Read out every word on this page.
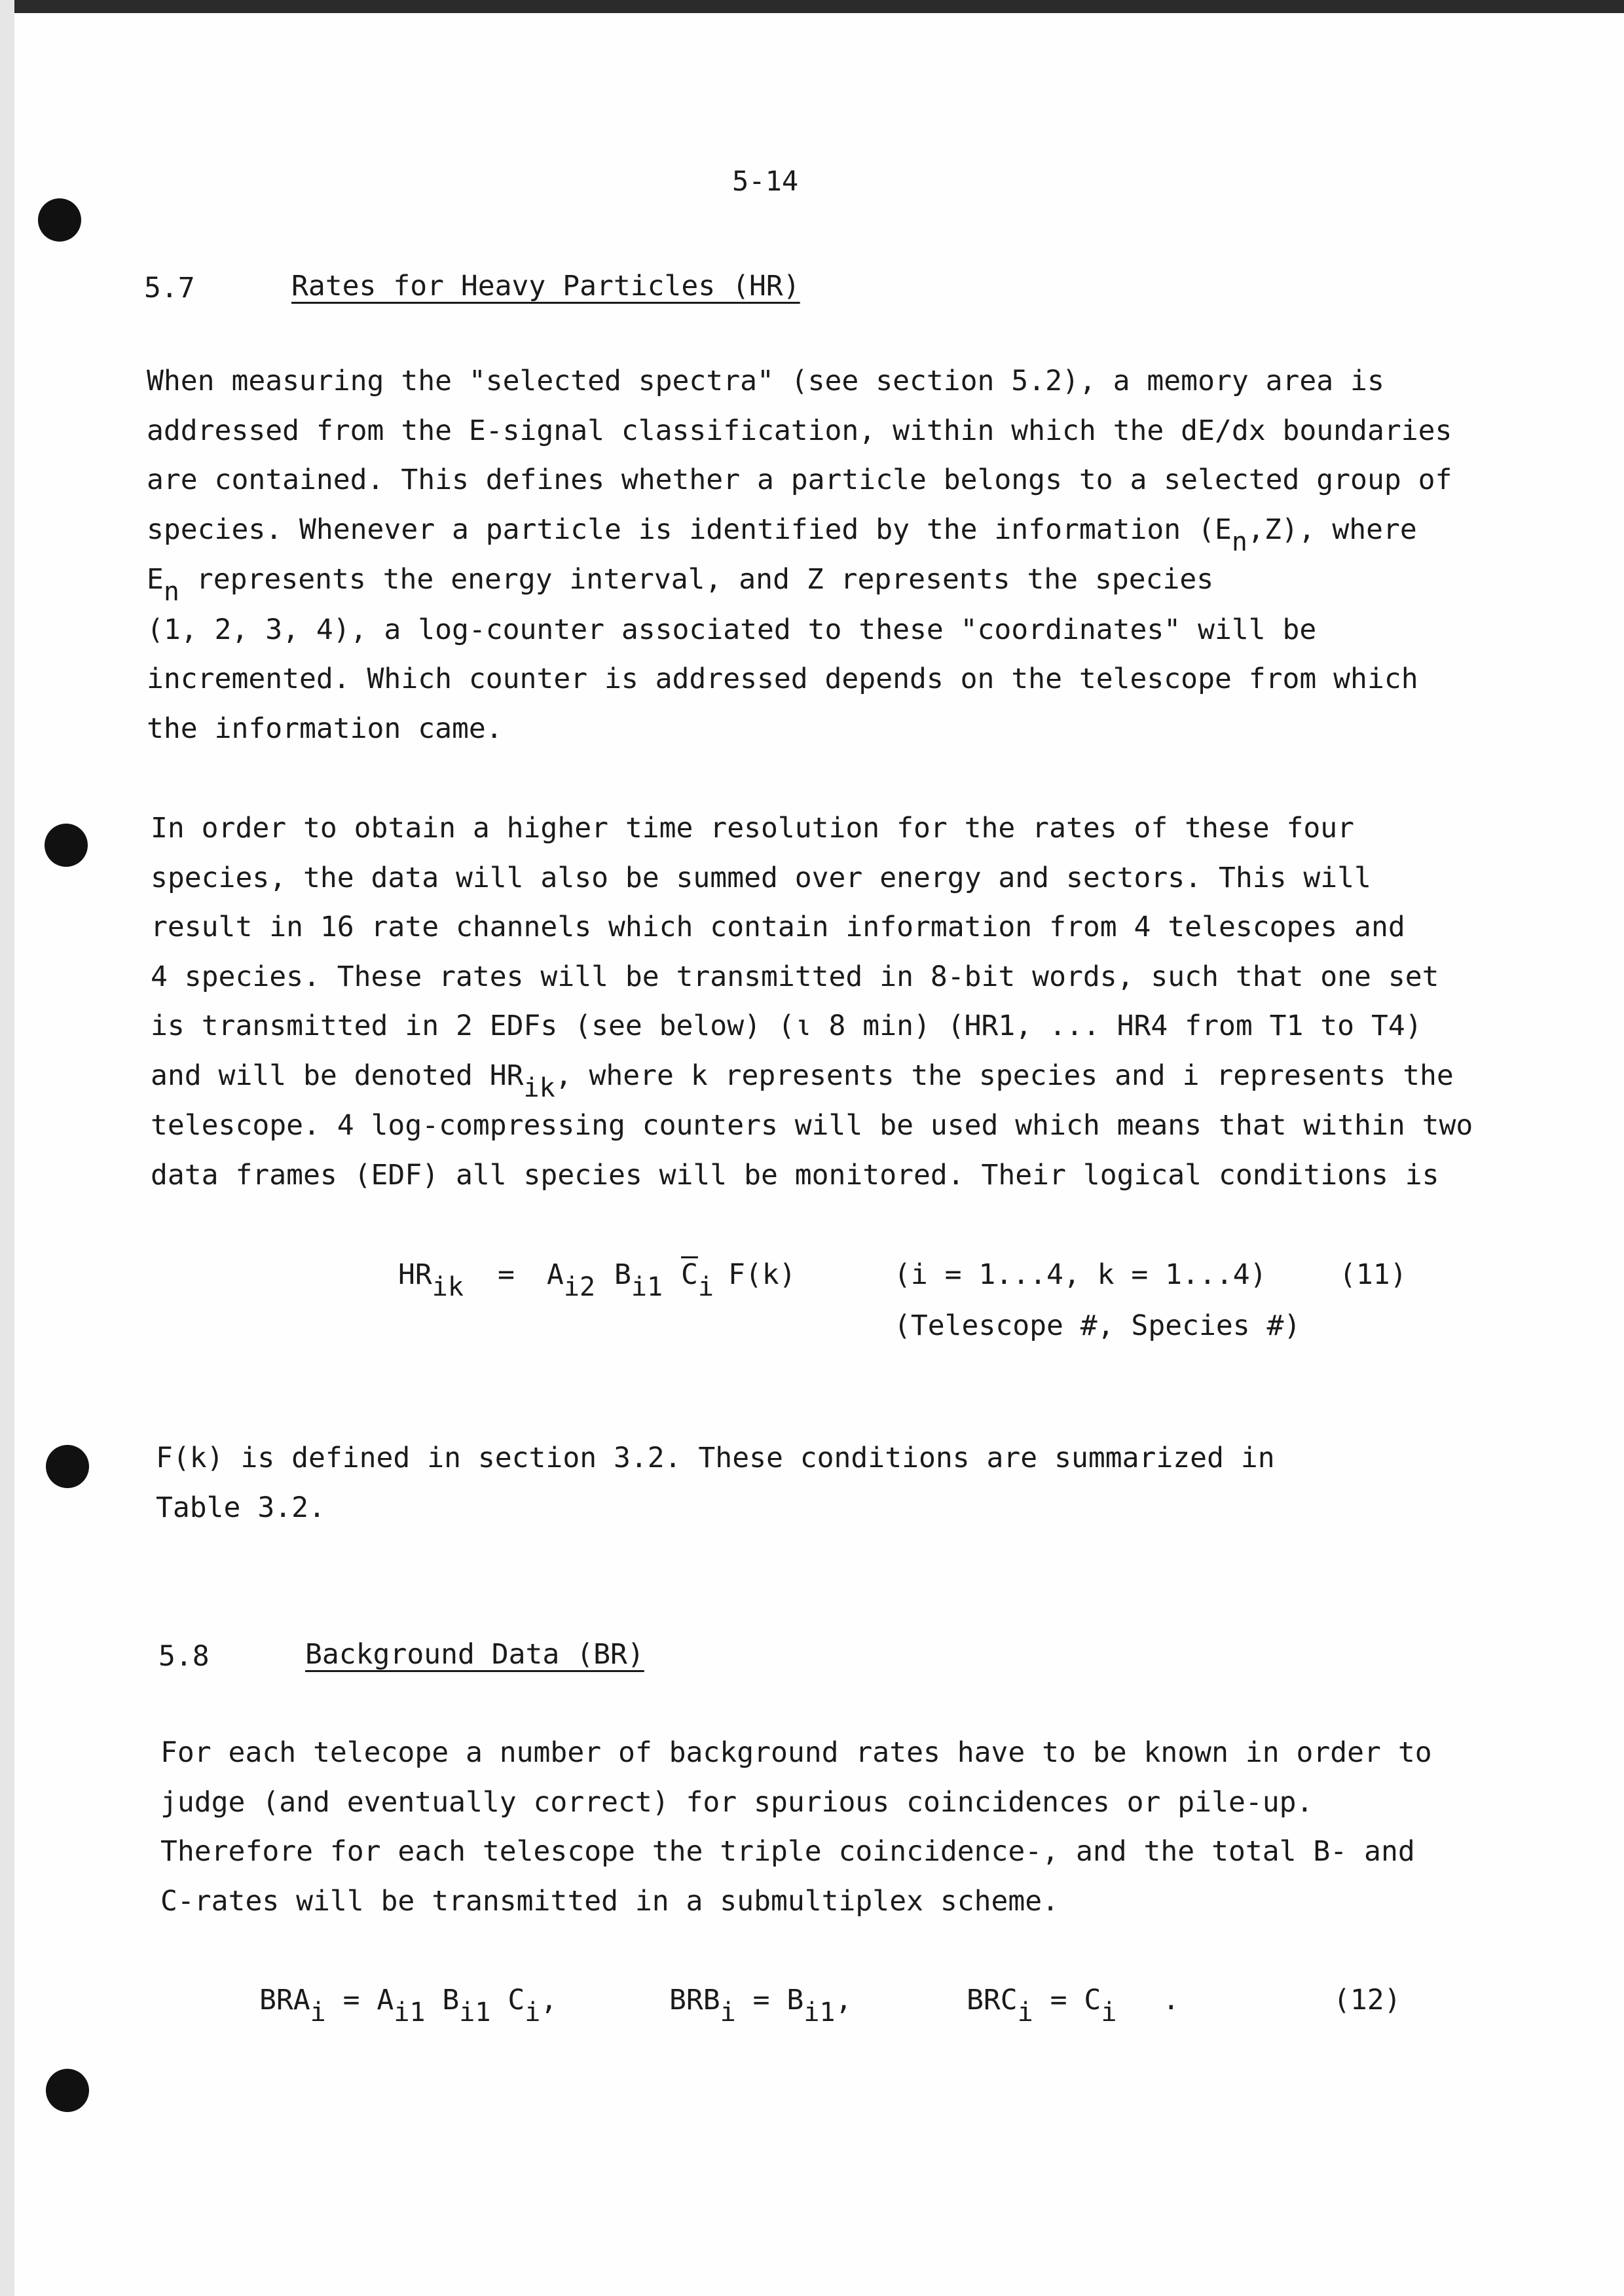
5-14
5.7	Rates for Heavy Particles (HR)
When measuring the "selected spectra" (see section 5.2), a memory area is
addressed from the E-signal classification, within which the dE/dx boundaries
are contained. This defines whether a particle belongs to a selected group of
species. Whenever a particle is identified by the information (En,Z), where
En represents the energy interval, and Z represents the species
(1, 2, 3, 4), a log-counter associated to these "coordinates" will be
incremented. Which counter is addressed depends on the telescope from which
the information came.
In order to obtain a higher time resolution for the rates of these four
species, the data will also be summed over energy and sectors. This will
result in 16 rate channels which contain information from 4 telescopes and
4 species. These rates will be transmitted in 8-bit words, such that one set
is transmitted in 2 EDFs (see below) (ι 8 min) (HR1, ... HR4 from T1 to T4)
and will be denoted HRik, where k represents the species and i represents the
telescope. 4 log-compressing counters will be used which means that within two
data frames (EDF) all species will be monitored. Their logical conditions is
HRik = Ai2 Bi1 $\overline{C}i$ F(k)	(i = 1...4, k = 1...4)	(11)
(Telescope #, Species #)
F(k) is defined in section 3.2. These conditions are summarized in
Table 3.2.
5.8	Background Data (BR)
For each telecope a number of background rates have to be known in order to
judge (and eventually correct) for spurious coincidences or pile-up.
Therefore for each telescope the triple coincidence-, and the total B- and
C-rates will be transmitted in a submultiplex scheme.
BRAi = Ai1 Bi1 Ci,	BRBi = Bi1,	BRCi = Ci .	(12)
